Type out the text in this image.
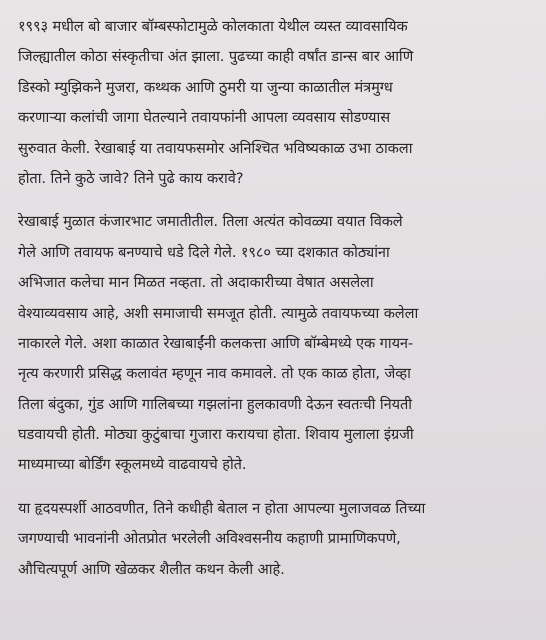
१९९३ मधील बो बाजार बॉम्बस्फोटामुळे कोलकाता येथील व्यस्त व्यावसायिक
जिल्ह्यातील कोठा संस्कृतीचा अंत झाला. पुढच्या काही वर्षांत डान्स बार आणि
डिस्को म्युझिकने मुजरा, कथ्थक आणि ठुमरी या जुन्या काळातील मंत्रमुग्ध
करणाऱ्या कलांची जागा घेतल्याने तवायफांनी आपला व्यवसाय सोडण्यास
सुरुवात केली. रेखाबाई या तवायफसमोर अनिश्चित भविष्यकाळ उभा ठाकला
होता. तिने कुठे जावे? तिने पुढे काय करावे?
रेखाबाई मुळात कंजारभाट जमातीतील. तिला अत्यंत कोवळ्या वयात विकले
गेले आणि तवायफ बनण्याचे धडे दिले गेले. १९८० च्या दशकात कोठ्यांना
अभिजात कलेचा मान मिळत नव्हता. तो अदाकारीच्या वेषात असलेला
वेश्याव्यवसाय आहे, अशी समाजाची समजूत होती. त्यामुळे तवायफच्या कलेला
नाकारले गेले. अशा काळात रेखाबाईंनी कलकत्ता आणि बॉम्बेमध्ये एक गायन-
नृत्य करणारी प्रसिद्ध कलावंत म्हणून नाव कमावले. तो एक काळ होता, जेव्हा
तिला बंदुका, गुंड आणि गालिबच्या गझलांना हुलकावणी देऊन स्वतःची नियती
घडवायची होती. मोठ्या कुटुंबाचा गुजारा करायचा होता. शिवाय मुलाला इंग्रजी
माध्यमाच्या बोर्डिंग स्कूलमध्ये वाढवायचे होते.
या हृदयस्पर्शी आठवणीत, तिने कधीही बेताल न होता आपल्या मुलाजवळ तिच्या
जगण्याची भावनांनी ओतप्रोत भरलेली अविश्वसनीय कहाणी प्रामाणिकपणे,
औचित्यपूर्ण आणि खेळकर शैलीत कथन केली आहे.
